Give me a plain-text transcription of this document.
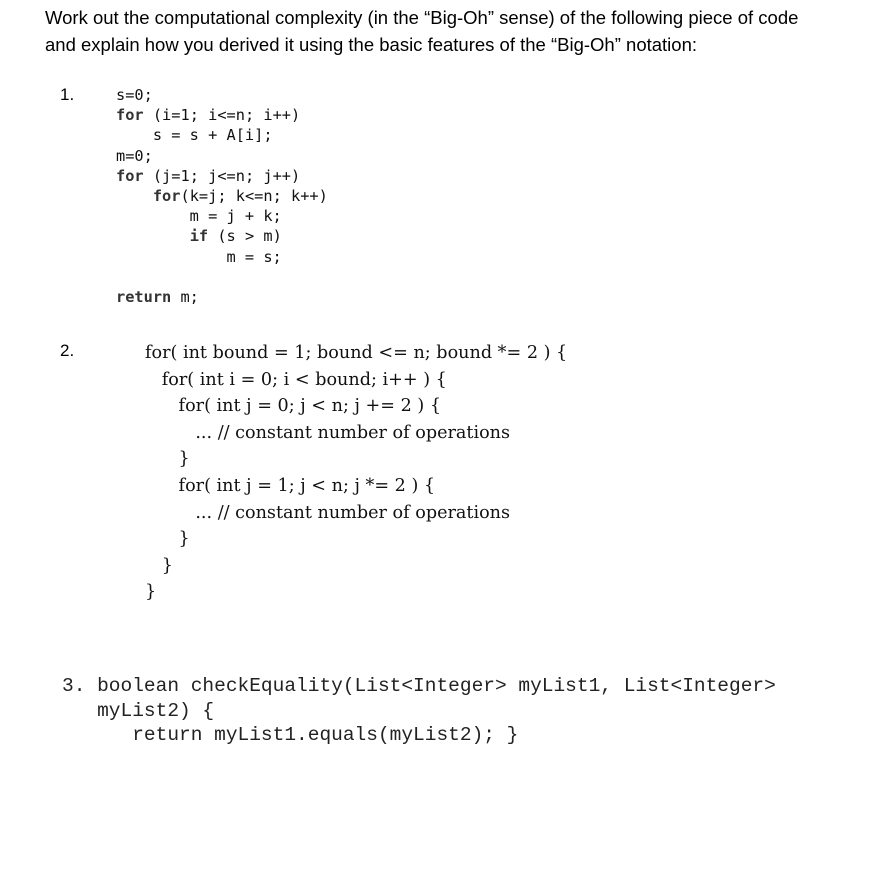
Work out the computational complexity (in the “Big-Oh” sense) of the following piece of code
and explain how you derived it using the basic features of the “Big-Oh” notation:
1.	s=0;
for (i=1; i<=n; i++)
s = s + A[i];
m=0;
for (j=1; j<=n; j++)
for(k=j; k<=n; k++)
m = j + k;
if (s > m)
m = s;

return m;
2.	for( int bound = 1; bound <= n; bound *= 2 ) {
for( int i = 0; i < bound; i++ ) {
for( int j = 0; j < n; j += 2 ) {
... // constant number of operations
}
for( int j = 1; j < n; j *= 2 ) {
... // constant number of operations
}
}
}
3. boolean checkEquality(List<Integer> myList1, List<Integer>
myList2) {
return myList1.equals(myList2); }
